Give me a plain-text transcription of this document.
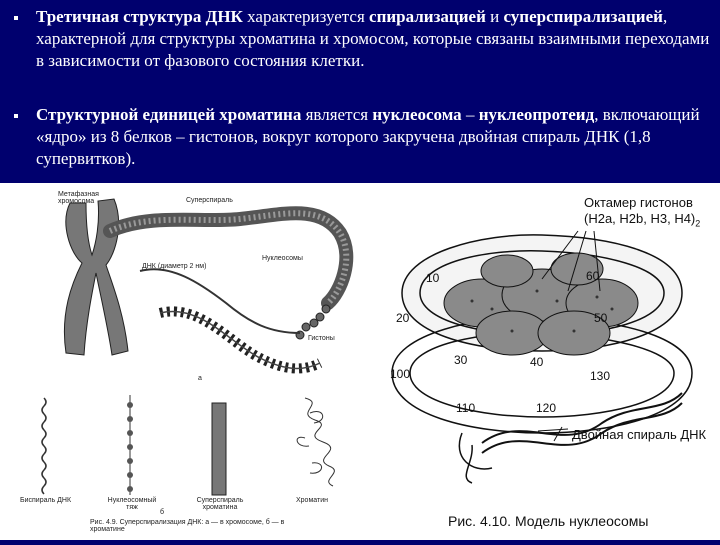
Третичная структура ДНК характеризуется спирализацией и суперспирализацией, характерной для структуры хроматина и хромосом, которые связаны взаимными переходами в зависимости от фазового состояния клетки.

Структурной единицей хроматина является нуклеосома – нуклеопротеид, включающий «ядро» из 8 белков – гистонов, вокруг которого закручена двойная спираль ДНК (1,8 супервитков).

Метафазная хромосома	Суперспираль
Нуклеосомы
ДНК (диаметр 2 нм)
Гистоны
а
Биспираль ДНК	Нуклеосомный тяж
Суперспираль хроматина
Хроматин
б
Рис. 4.9. Суперспирализация ДНК: а — в хромосоме, б — в хроматине
Октамер гистонов
(Н2а, Н2b, Н3, $Н4)_2$
10
20
30	40
50
60
100
110	120
130
Двойная спираль ДНК
Рис. 4.10. Модель нуклеосомы
